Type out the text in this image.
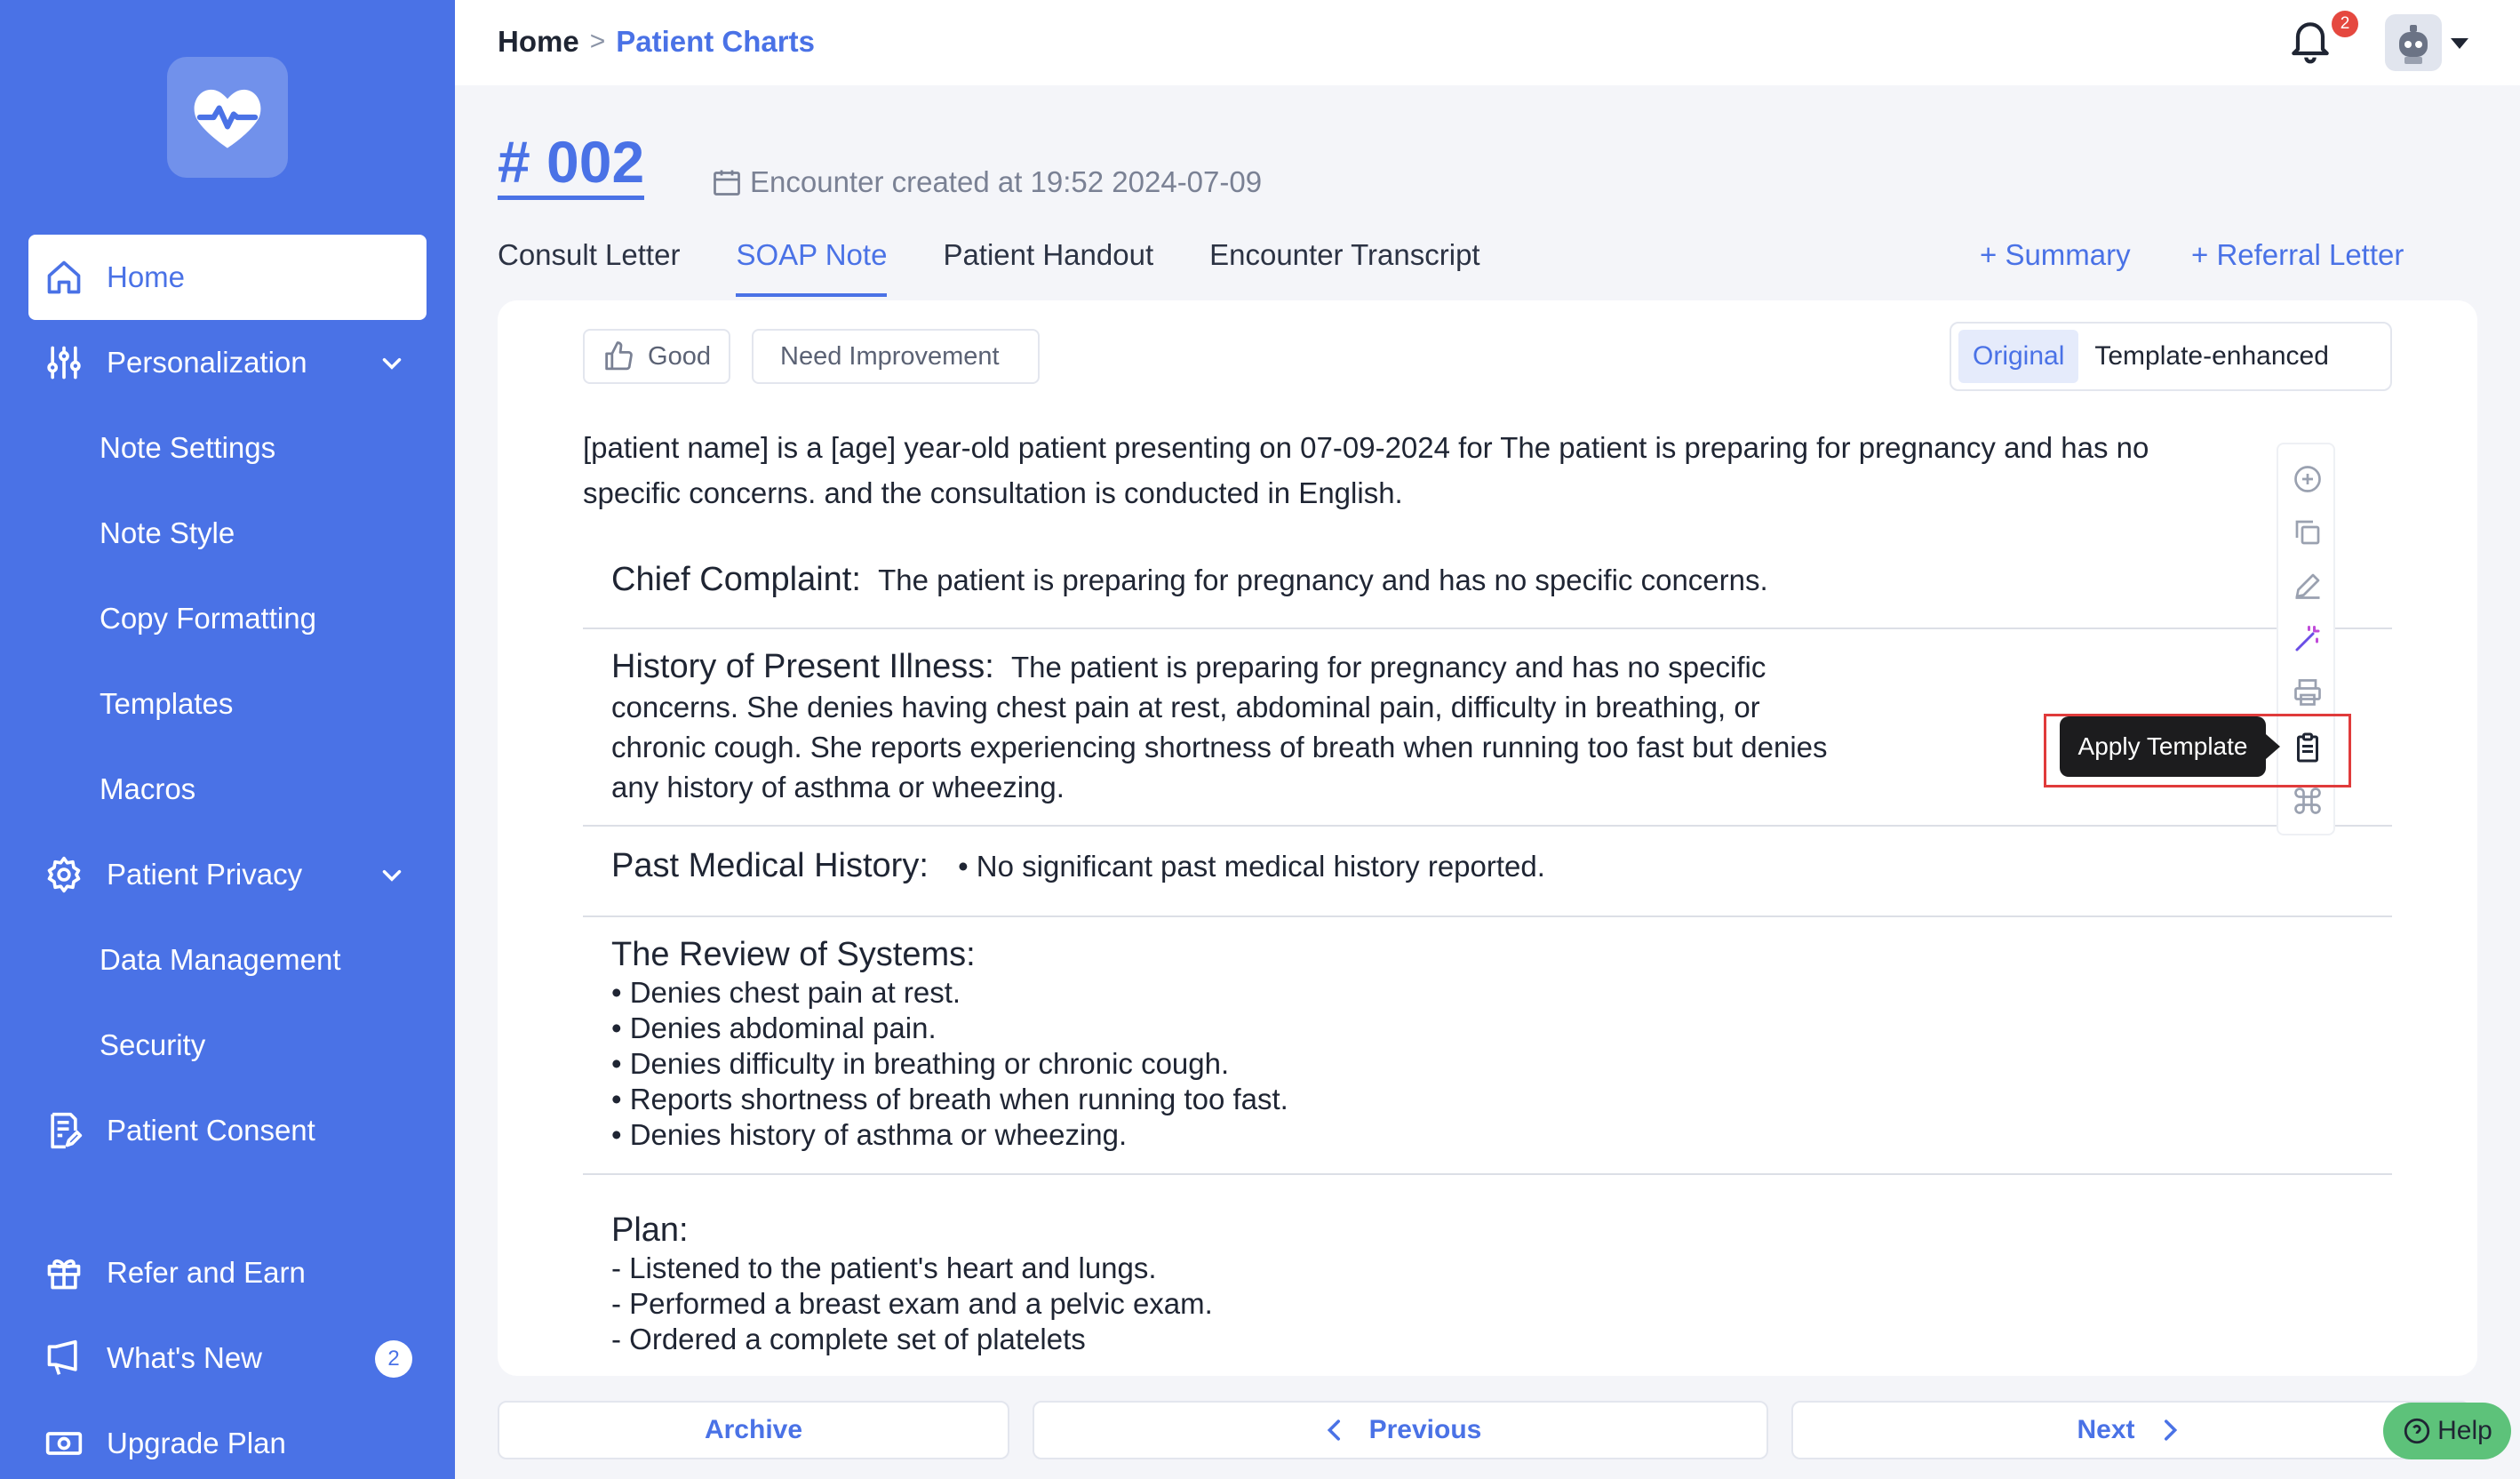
Home
Personalization
Note Settings
Note Style
Copy Formatting
Templates
Macros
Patient Privacy
Data Management
Security
Patient Consent
Refer and Earn
What's New	2
Upgrade Plan
Home > Patient Charts
2
# 002	Encounter created at 19:52 2024-07-09
Consult Letter SOAP Note Patient Handout Encounter Transcript	+ Summary + Referral Letter
Good	Need Improvement	Original	Template-enhanced
[patient name] is a [age] year-old patient presenting on 07-09-2024 for The patient is preparing for pregnancy and has no
specific concerns. and the consultation is conducted in English.
Chief Complaint: The patient is preparing for pregnancy and has no specific concerns.
History of Present Illness: The patient is preparing for pregnancy and has no specific
concerns. She denies having chest pain at rest, abdominal pain, difficulty in breathing, or
chronic cough. She reports experiencing shortness of breath when running too fast but denies
any history of asthma or wheezing.
Past Medical History: • No significant past medical history reported.
The Review of Systems:
• Denies chest pain at rest.
• Denies abdominal pain.
• Denies difficulty in breathing or chronic cough.
• Reports shortness of breath when running too fast.
• Denies history of asthma or wheezing.
Plan:
- Listened to the patient's heart and lungs.
- Performed a breast exam and a pelvic exam.
- Ordered a complete set of platelets
Apply Template
Archive	Previous	Next	Help
